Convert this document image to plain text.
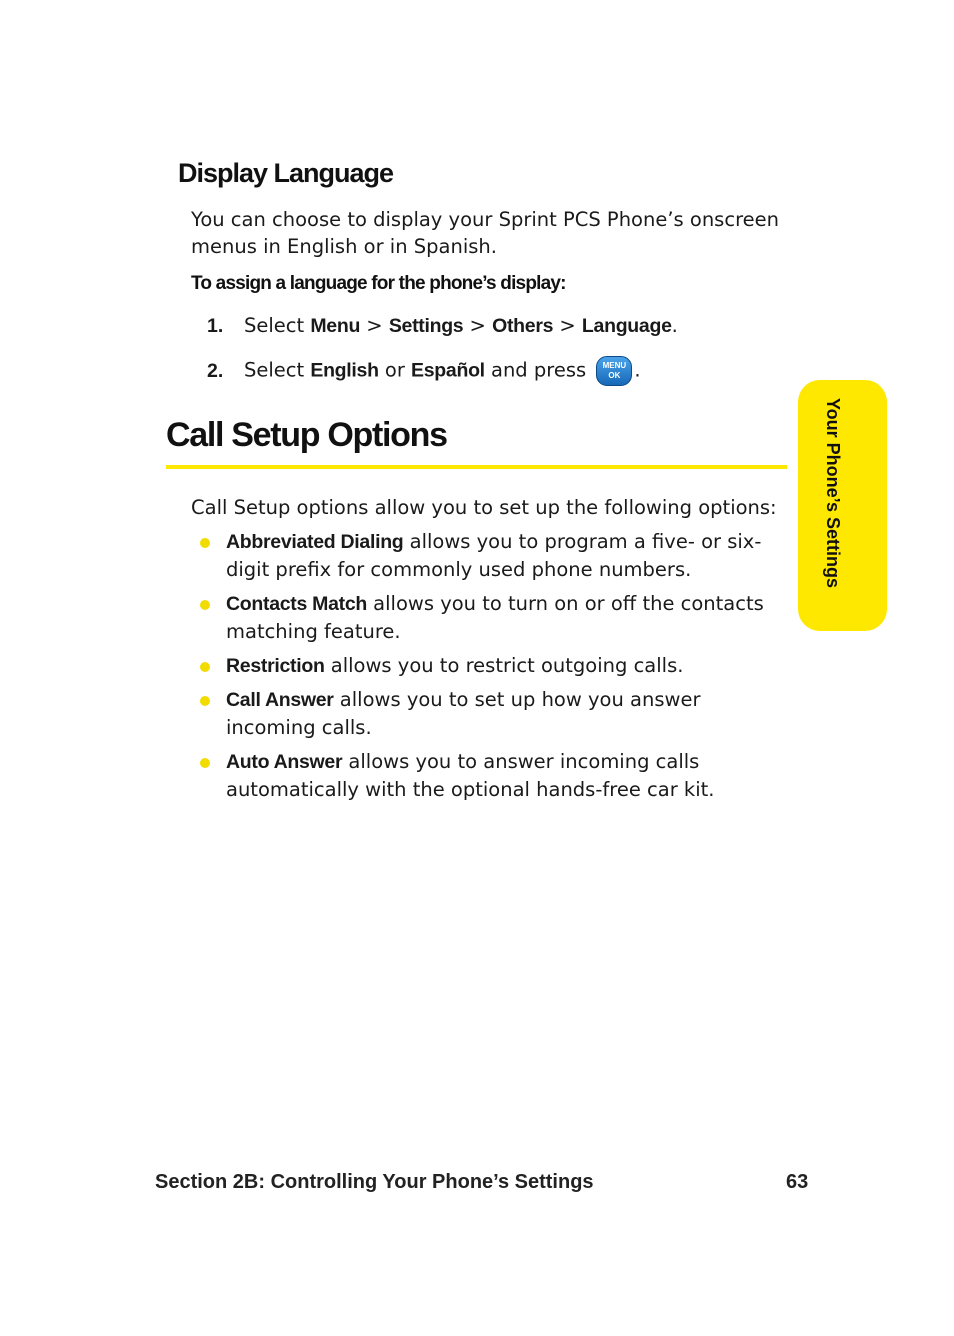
Display Language

You can choose to display your Sprint PCS Phone’s onscreen menus in English or in Spanish.

To assign a language for the phone’s display:

1. Select Menu > Settings > Others > Language.
2. Select English or Español and press MENU
OK .
Call Setup Options

Call Setup options allow you to set up the following options:

Abbreviated Dialing allows you to program a five- or six-digit prefix for commonly used phone numbers.
Contacts Match allows you to turn on or off the contacts matching feature.
Restriction allows you to restrict outgoing calls.
Call Answer allows you to set up how you answer incoming calls.
Auto Answer allows you to answer incoming calls automatically with the optional hands-free car kit.
Your Phone’s Settings
Section 2B: Controlling Your Phone’s Settings	63
